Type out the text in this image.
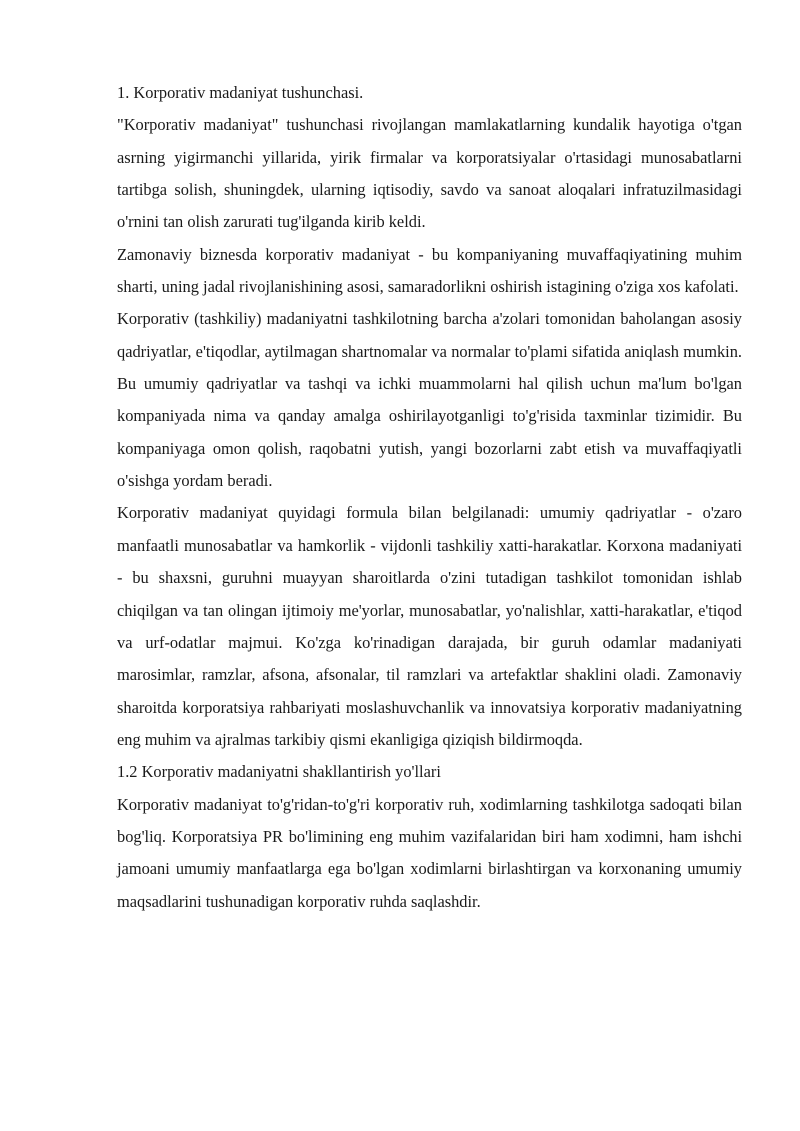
1. Korporativ madaniyat tushunchasi.

"Korporativ madaniyat" tushunchasi rivojlangan mamlakatlarning kundalik hayotiga o'tgan asrning yigirmanchi yillarida, yirik firmalar va korporatsiyalar o'rtasidagi munosabatlarni tartibga solish, shuningdek, ularning iqtisodiy, savdo va sanoat aloqalari infratuzilmasidagi o'rnini tan olish zarurati tug'ilganda kirib keldi.

Zamonaviy biznesda korporativ madaniyat - bu kompaniyaning muvaffaqiyatining muhim sharti, uning jadal rivojlanishining asosi, samaradorlikni oshirish istagining o'ziga xos kafolati.

Korporativ (tashkiliy) madaniyatni tashkilotning barcha a'zolari tomonidan baholangan asosiy qadriyatlar, e'tiqodlar, aytilmagan shartnomalar va normalar to'plami sifatida aniqlash mumkin. Bu umumiy qadriyatlar va tashqi va ichki muammolarni hal qilish uchun ma'lum bo'lgan kompaniyada nima va qanday amalga oshirilayotganligi to'g'risida taxminlar tizimidir. Bu kompaniyaga omon qolish, raqobatni yutish, yangi bozorlarni zabt etish va muvaffaqiyatli o'sishga yordam beradi.

Korporativ madaniyat quyidagi formula bilan belgilanadi: umumiy qadriyatlar - o'zaro manfaatli munosabatlar va hamkorlik - vijdonli tashkiliy xatti-harakatlar. Korxona madaniyati - bu shaxsni, guruhni muayyan sharoitlarda o'zini tutadigan tashkilot tomonidan ishlab chiqilgan va tan olingan ijtimoiy me'yorlar, munosabatlar, yo'nalishlar, xatti-harakatlar, e'tiqod va urf-odatlar majmui. Ko'zga ko'rinadigan darajada, bir guruh odamlar madaniyati marosimlar, ramzlar, afsona, afsonalar, til ramzlari va artefaktlar shaklini oladi. Zamonaviy sharoitda korporatsiya rahbariyati moslashuvchanlik va innovatsiya korporativ madaniyatning eng muhim va ajralmas tarkibiy qismi ekanligiga qiziqish bildirmoqda.

1.2 Korporativ madaniyatni shakllantirish yo'llari

Korporativ madaniyat to'g'ridan-to'g'ri korporativ ruh, xodimlarning tashkilotga sadoqati bilan bog'liq. Korporatsiya PR bo'limining eng muhim vazifalaridan biri ham xodimni, ham ishchi jamoani umumiy manfaatlarga ega bo'lgan xodimlarni birlashtirgan va korxonaning umumiy maqsadlarini tushunadigan korporativ ruhda saqlashdir.
